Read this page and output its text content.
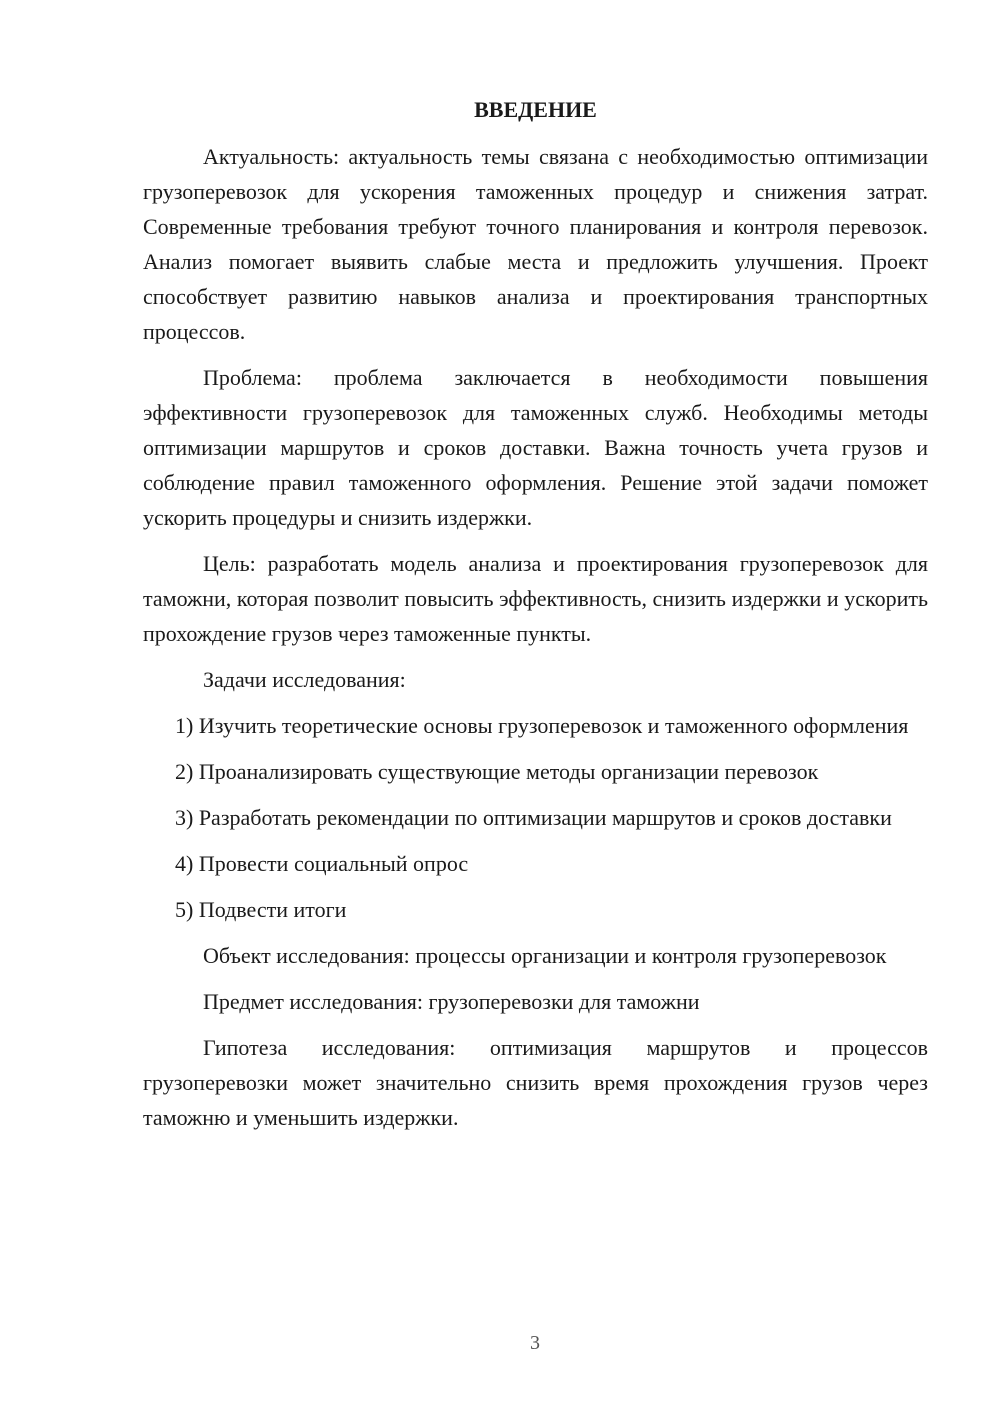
ВВЕДЕНИЕ

Актуальность: актуальность темы связана с необходимостью оптимизации грузоперевозок для ускорения таможенных процедур и снижения затрат. Современные требования требуют точного планирования и контроля перевозок. Анализ помогает выявить слабые места и предложить улучшения. Проект способствует развитию навыков анализа и проектирования транспортных процессов.

Проблема: проблема заключается в необходимости повышения эффективности грузоперевозок для таможенных служб. Необходимы методы оптимизации маршрутов и сроков доставки. Важна точность учета грузов и соблюдение правил таможенного оформления. Решение этой задачи поможет ускорить процедуры и снизить издержки.

Цель: разработать модель анализа и проектирования грузоперевозок для таможни, которая позволит повысить эффективность, снизить издержки и ускорить прохождение грузов через таможенные пункты.

Задачи исследования:

1) Изучить теоретические основы грузоперевозок и таможенного оформления

2) Проанализировать существующие методы организации перевозок

3) Разработать рекомендации по оптимизации маршрутов и сроков доставки

4) Провести социальный опрос

5) Подвести итоги

Объект исследования: процессы организации и контроля грузоперевозок

Предмет исследования: грузоперевозки для таможни

Гипотеза исследования: оптимизация маршрутов и процессов грузоперевозки может значительно снизить время прохождения грузов через таможню и уменьшить издержки.

3
